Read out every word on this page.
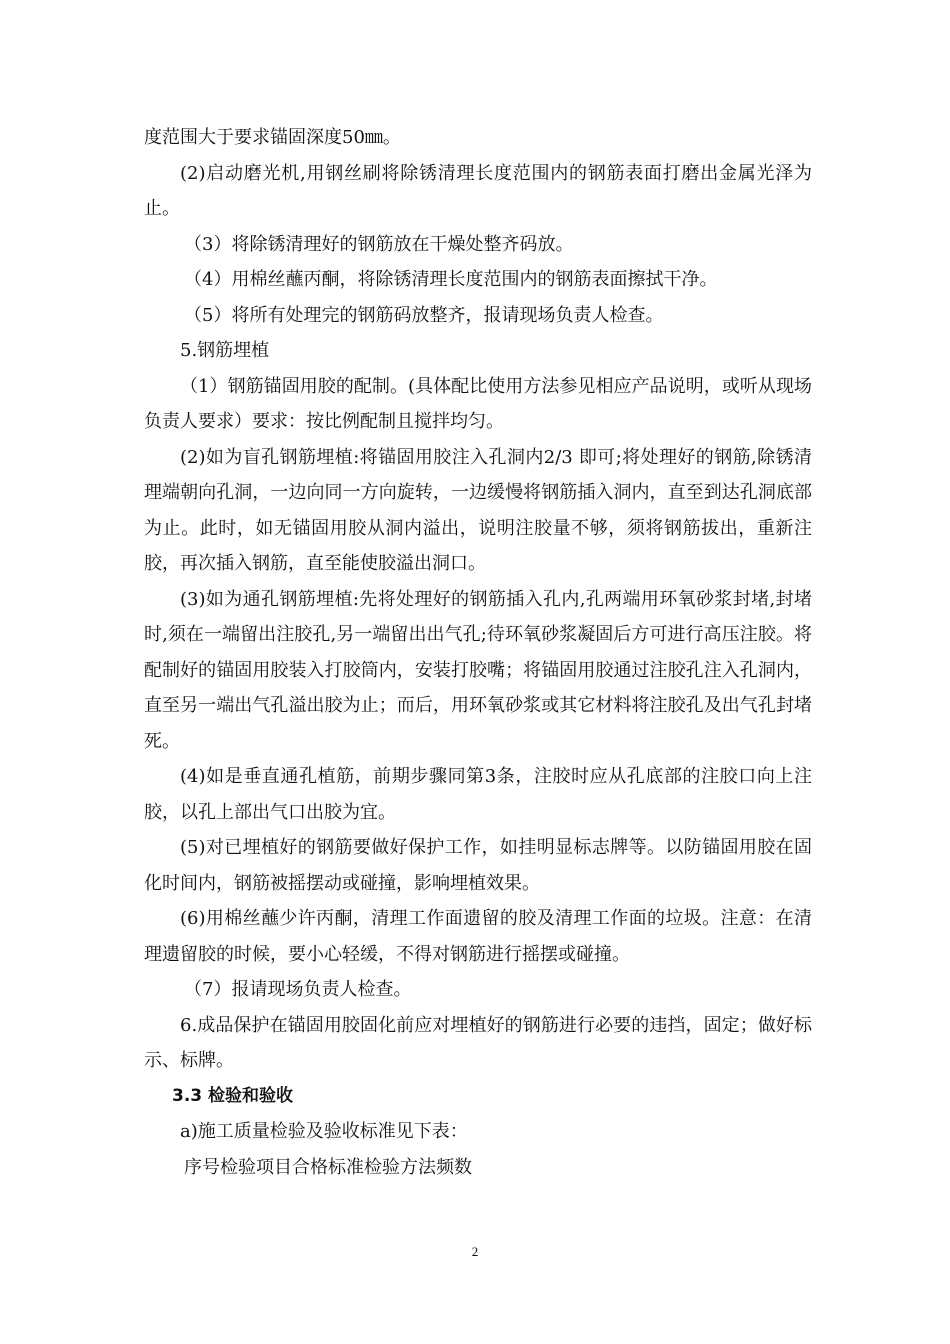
度范围大于要求锚固深度50㎜。

(2)启动磨光机,用钢丝刷将除锈清理长度范围内的钢筋表面打磨出金属光泽为止。

（3）将除锈清理好的钢筋放在干燥处整齐码放。

（4）用棉丝蘸丙酮，将除锈清理长度范围内的钢筋表面擦拭干净。

（5）将所有处理完的钢筋码放整齐，报请现场负责人检查。

5.钢筋埋植

（1）钢筋锚固用胶的配制。(具体配比使用方法参见相应产品说明，或听从现场负责人要求）要求：按比例配制且搅拌均匀。

(2)如为盲孔钢筋埋植:将锚固用胶注入孔洞内2/3 即可;将处理好的钢筋,除锈清理端朝向孔洞，一边向同一方向旋转，一边缓慢将钢筋插入洞内，直至到达孔洞底部为止。此时，如无锚固用胶从洞内溢出，说明注胶量不够，须将钢筋拔出，重新注胶，再次插入钢筋，直至能使胶溢出洞口。

(3)如为通孔钢筋埋植:先将处理好的钢筋插入孔内,孔两端用环氧砂浆封堵,封堵时,须在一端留出注胶孔,另一端留出出气孔;待环氧砂浆凝固后方可进行高压注胶。将配制好的锚固用胶装入打胶筒内，安装打胶嘴；将锚固用胶通过注胶孔注入孔洞内，直至另一端出气孔溢出胶为止；而后，用环氧砂浆或其它材料将注胶孔及出气孔封堵死。

(4)如是垂直通孔植筋，前期步骤同第3条，注胶时应从孔底部的注胶口向上注胶，以孔上部出气口出胶为宜。

(5)对已埋植好的钢筋要做好保护工作，如挂明显标志牌等。以防锚固用胶在固化时间内，钢筋被摇摆动或碰撞，影响埋植效果。

(6)用棉丝蘸少许丙酮，清理工作面遗留的胶及清理工作面的垃圾。注意：在清理遗留胶的时候，要小心轻缓，不得对钢筋进行摇摆或碰撞。

（7）报请现场负责人检查。

6.成品保护在锚固用胶固化前应对埋植好的钢筋进行必要的违挡，固定；做好标示、标牌。

3.3 检验和验收

a)施工质量检验及验收标准见下表：

序号检验项目合格标准检验方法频数

2
